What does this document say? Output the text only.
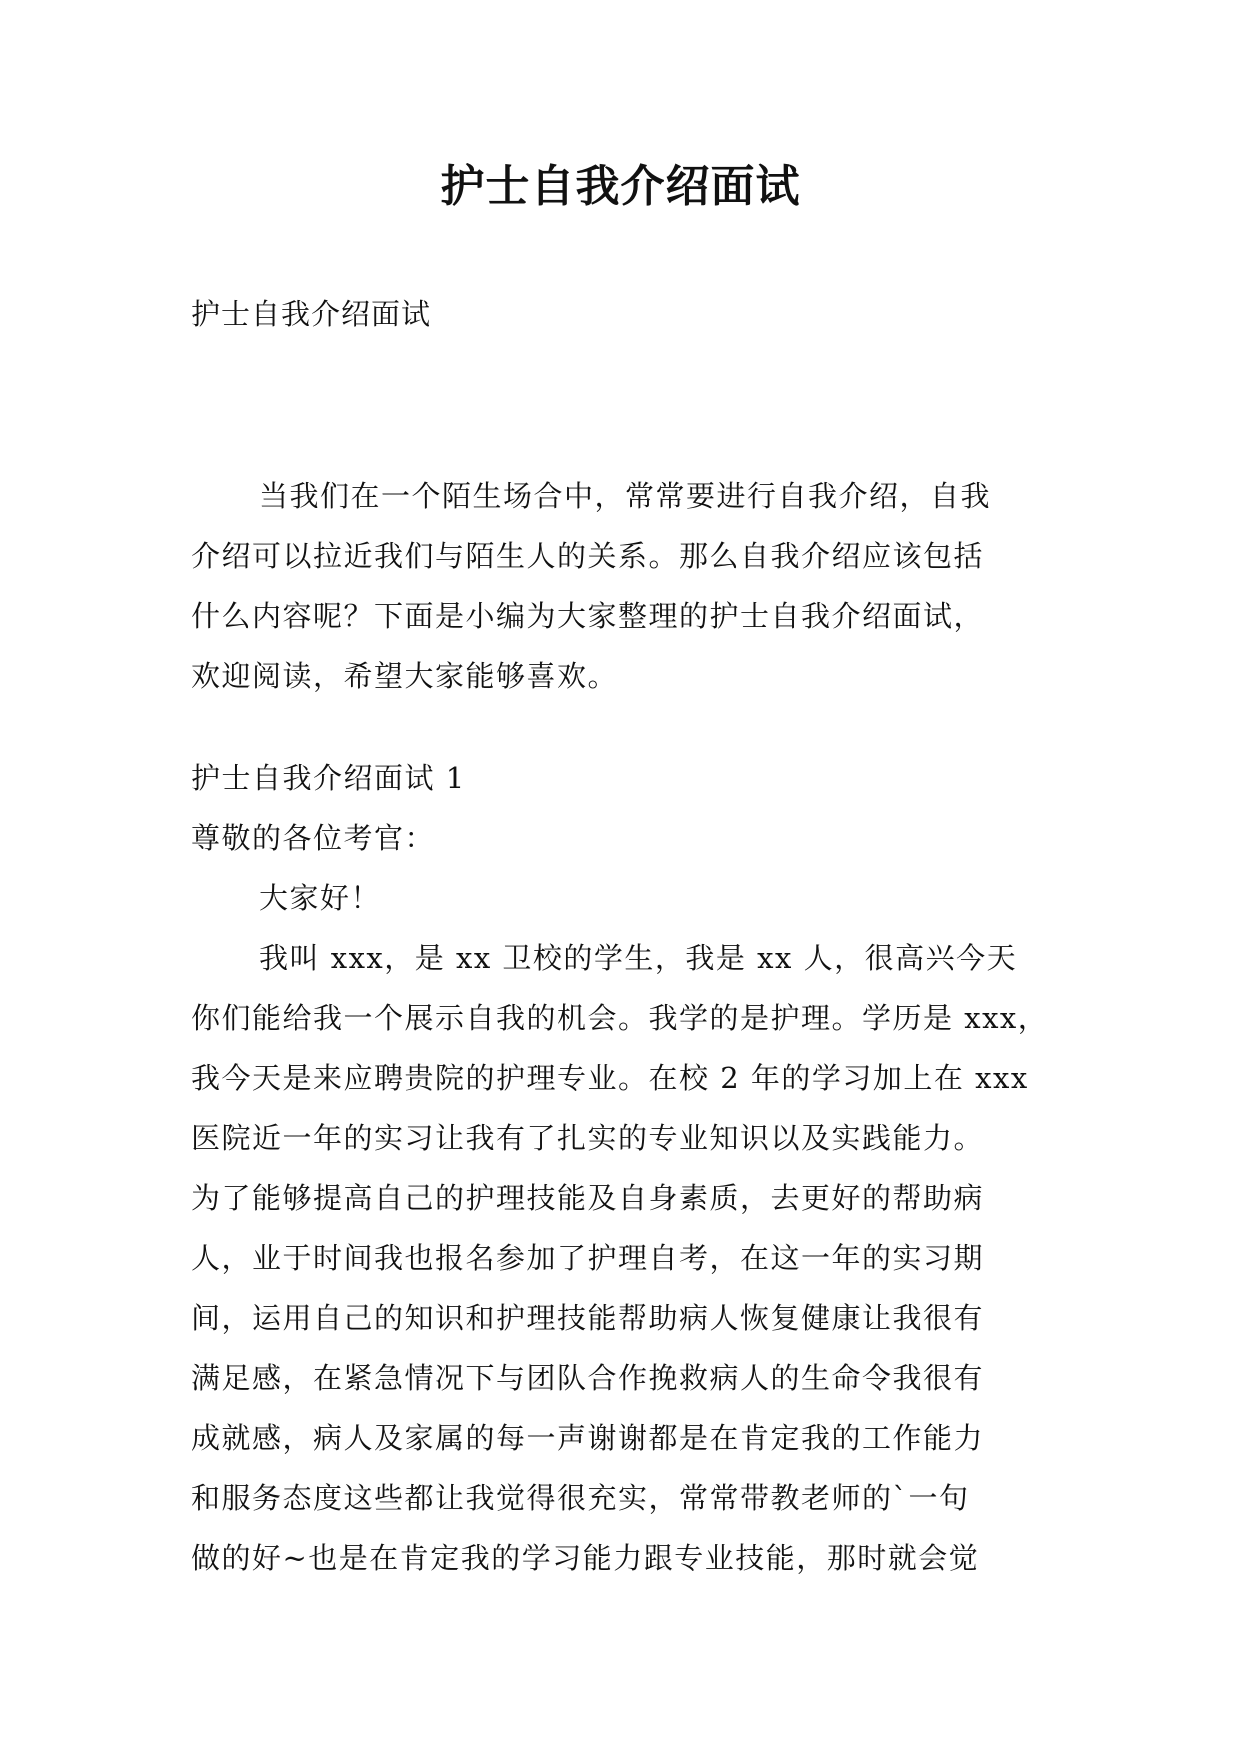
护士自我介绍面试

护士自我介绍面试

当我们在一个陌生场合中，常常要进行自我介绍，自我
介绍可以拉近我们与陌生人的关系。那么自我介绍应该包括
什么内容呢？下面是小编为大家整理的护士自我介绍面试，
欢迎阅读，希望大家能够喜欢。
护士自我介绍面试 1
尊敬的各位考官：
大家好！
我叫 xxx，是 xx 卫校的学生，我是 xx 人，很高兴今天
你们能给我一个展示自我的机会。我学的是护理。学历是 xxx，
我今天是来应聘贵院的护理专业。在校 2 年的学习加上在 xxx
医院近一年的实习让我有了扎实的专业知识以及实践能力。
为了能够提高自己的护理技能及自身素质，去更好的帮助病
人，业于时间我也报名参加了护理自考，在这一年的实习期
间，运用自己的知识和护理技能帮助病人恢复健康让我很有
满足感，在紧急情况下与团队合作挽救病人的生命令我很有
成就感，病人及家属的每一声谢谢都是在肯定我的工作能力
和服务态度这些都让我觉得很充实，常常带教老师的`一句
做的好~也是在肯定我的学习能力跟专业技能，那时就会觉
